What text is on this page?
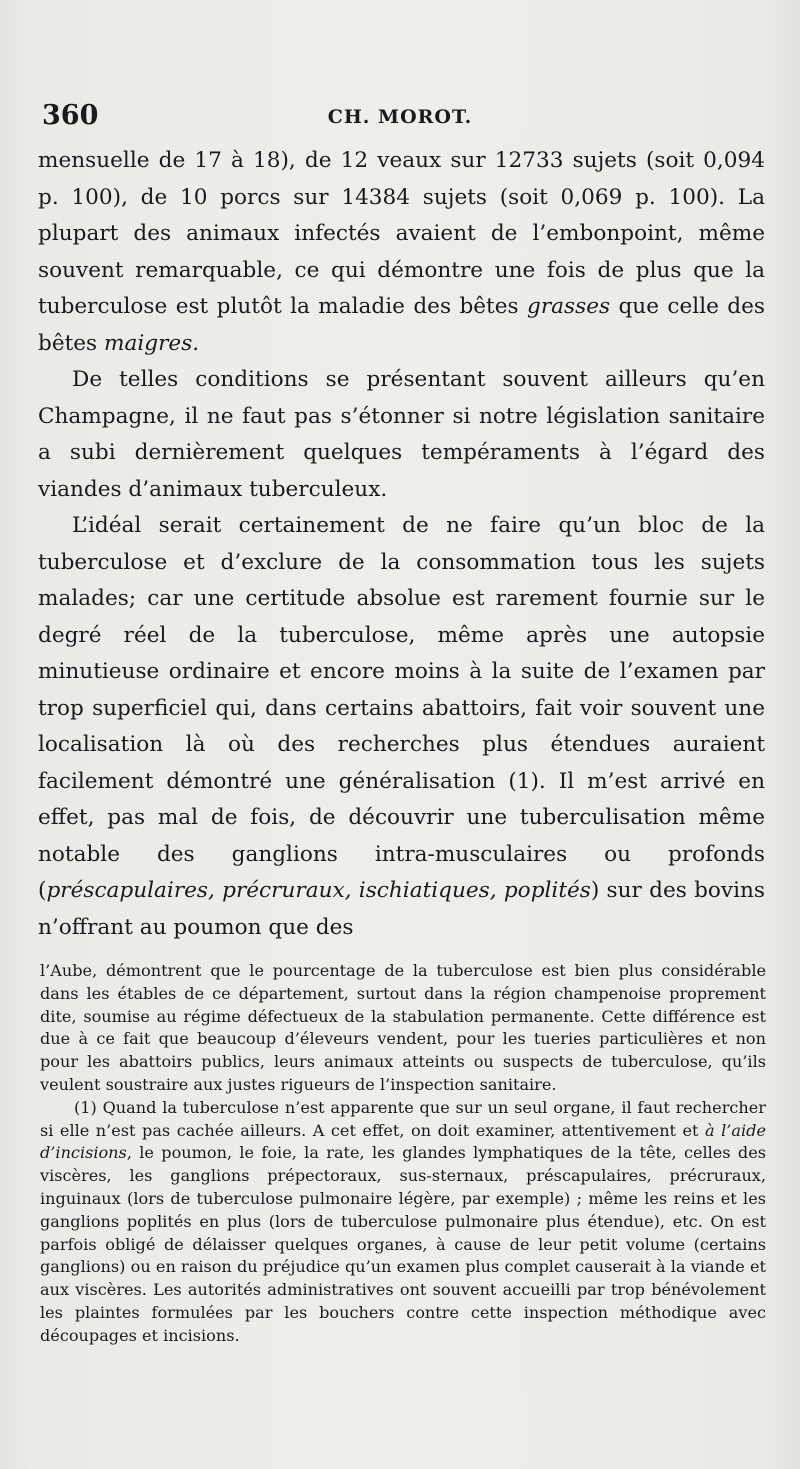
360	CH. MOROT.

mensuelle de 17 à 18), de 12 veaux sur 12733 sujets (soit 0,094 p. 100), de 10 porcs sur 14384 sujets (soit 0,069 p. 100). La plupart des animaux infectés avaient de l’embonpoint, même souvent remarquable, ce qui démontre une fois de plus que la tuberculose est plutôt la maladie des bêtes grasses que celle des bêtes maigres.

De telles conditions se présentant souvent ailleurs qu’en Champagne, il ne faut pas s’étonner si notre législation sanitaire a subi dernièrement quelques tempéraments à l’égard des viandes d’animaux tuberculeux.

L’idéal serait certainement de ne faire qu’un bloc de la tuberculose et d’exclure de la consommation tous les sujets malades; car une certitude absolue est rarement fournie sur le degré réel de la tuberculose, même après une autopsie minutieuse ordinaire et encore moins à la suite de l’examen par trop superficiel qui, dans certains abattoirs, fait voir souvent une localisation là où des recherches plus étendues auraient facilement démontré une généralisation (1). Il m’est arrivé en effet, pas mal de fois, de découvrir une tuberculisation même notable des ganglions intra-musculaires ou profonds (préscapulaires, précruraux, ischiatiques, poplités) sur des bovins n’offrant au poumon que des

l’Aube, démontrent que le pourcentage de la tuberculose est bien plus considérable dans les étables de ce département, surtout dans la région champenoise proprement dite, soumise au régime défectueux de la stabulation permanente. Cette différence est due à ce fait que beaucoup d’éleveurs vendent, pour les tueries particulières et non pour les abattoirs publics, leurs animaux atteints ou suspects de tuberculose, qu’ils veulent soustraire aux justes rigueurs de l’inspection sanitaire.

(1) Quand la tuberculose n’est apparente que sur un seul organe, il faut rechercher si elle n’est pas cachée ailleurs. A cet effet, on doit examiner, attentivement et à l’aide d’incisions, le poumon, le foie, la rate, les glandes lymphatiques de la tête, celles des viscères, les ganglions prépectoraux, sus-sternaux, préscapulaires, précruraux, inguinaux (lors de tuberculose pulmonaire légère, par exemple) ; même les reins et les ganglions poplités en plus (lors de tuberculose pulmonaire plus étendue), etc. On est parfois obligé de délaisser quelques organes, à cause de leur petit volume (certains ganglions) ou en raison du préjudice qu’un examen plus complet causerait à la viande et aux viscères. Les autorités administratives ont souvent accueilli par trop bénévolement les plaintes formulées par les bouchers contre cette inspection méthodique avec découpages et incisions.
